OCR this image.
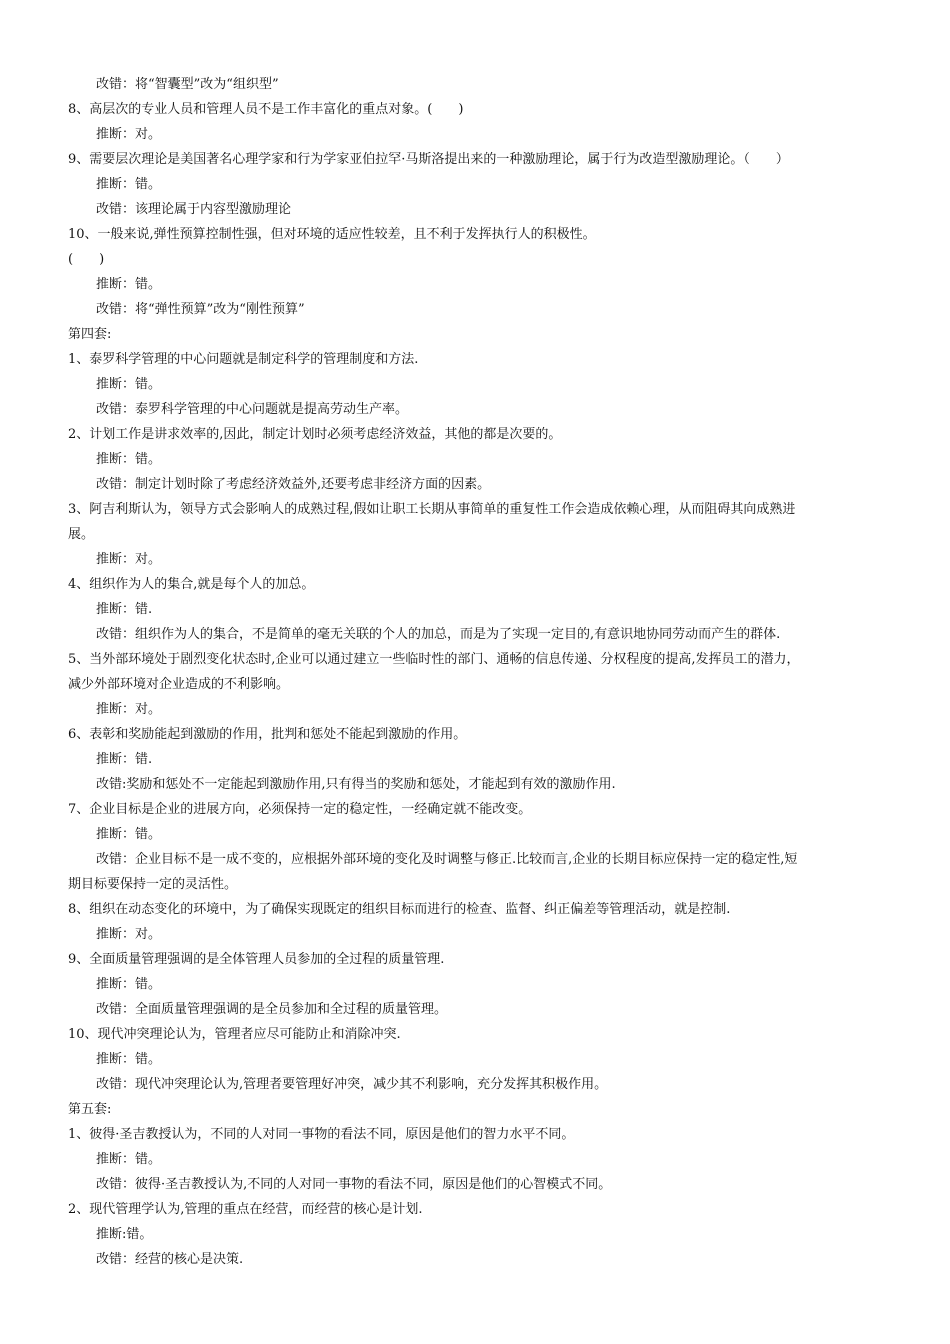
改错：将“智囊型”改为“组织型”
8、高层次的专业人员和管理人员不是工作丰富化的重点对象。(　　)
推断：对。
9、需要层次理论是美国著名心理学家和行为学家亚伯拉罕·马斯洛提出来的一种激励理论，属于行为改造型激励理论。（　　）
推断：错。
改错：该理论属于内容型激励理论
10、一般来说,弹性预算控制性强，但对环境的适应性较差，且不利于发挥执行人的积极性。
(　　)
推断：错。
改错：将“弹性预算”改为“刚性预算”
第四套:
1、泰罗科学管理的中心问题就是制定科学的管理制度和方法.
推断：错。
改错：泰罗科学管理的中心问题就是提高劳动生产率。
2、计划工作是讲求效率的,因此，制定计划时必须考虑经济效益，其他的都是次要的。
推断：错。
改错：制定计划时除了考虑经济效益外,还要考虑非经济方面的因素。
3、阿吉利斯认为，领导方式会影响人的成熟过程,假如让职工长期从事简单的重复性工作会造成依赖心理，从而阻碍其向成熟进
展。
推断：对。
4、组织作为人的集合,就是每个人的加总。
推断：错.
改错：组织作为人的集合，不是简单的毫无关联的个人的加总，而是为了实现一定目的,有意识地协同劳动而产生的群体.
5、当外部环境处于剧烈变化状态时,企业可以通过建立一些临时性的部门、通畅的信息传递、分权程度的提高,发挥员工的潜力，
减少外部环境对企业造成的不利影响。
推断：对。
6、表彰和奖励能起到激励的作用，批判和惩处不能起到激励的作用。
推断：错.
改错:奖励和惩处不一定能起到激励作用,只有得当的奖励和惩处，才能起到有效的激励作用.
7、企业目标是企业的进展方向，必须保持一定的稳定性，一经确定就不能改变。
推断：错。
改错：企业目标不是一成不变的，应根据外部环境的变化及时调整与修正.比较而言,企业的长期目标应保持一定的稳定性,短
期目标要保持一定的灵活性。
8、组织在动态变化的环境中，为了确保实现既定的组织目标而进行的检查、监督、纠正偏差等管理活动，就是控制.
推断：对。
9、全面质量管理强调的是全体管理人员参加的全过程的质量管理.
推断：错。
改错：全面质量管理强调的是全员参加和全过程的质量管理。
10、现代冲突理论认为，管理者应尽可能防止和消除冲突.
推断：错。
改错：现代冲突理论认为,管理者要管理好冲突，减少其不利影响，充分发挥其积极作用。
第五套:
1、彼得·圣吉教授认为，不同的人对同一事物的看法不同，原因是他们的智力水平不同。
推断：错。
改错：彼得·圣吉教授认为,不同的人对同一事物的看法不同，原因是他们的心智模式不同。
2、现代管理学认为,管理的重点在经营，而经营的核心是计划.
推断:错。
改错：经营的核心是决策.
